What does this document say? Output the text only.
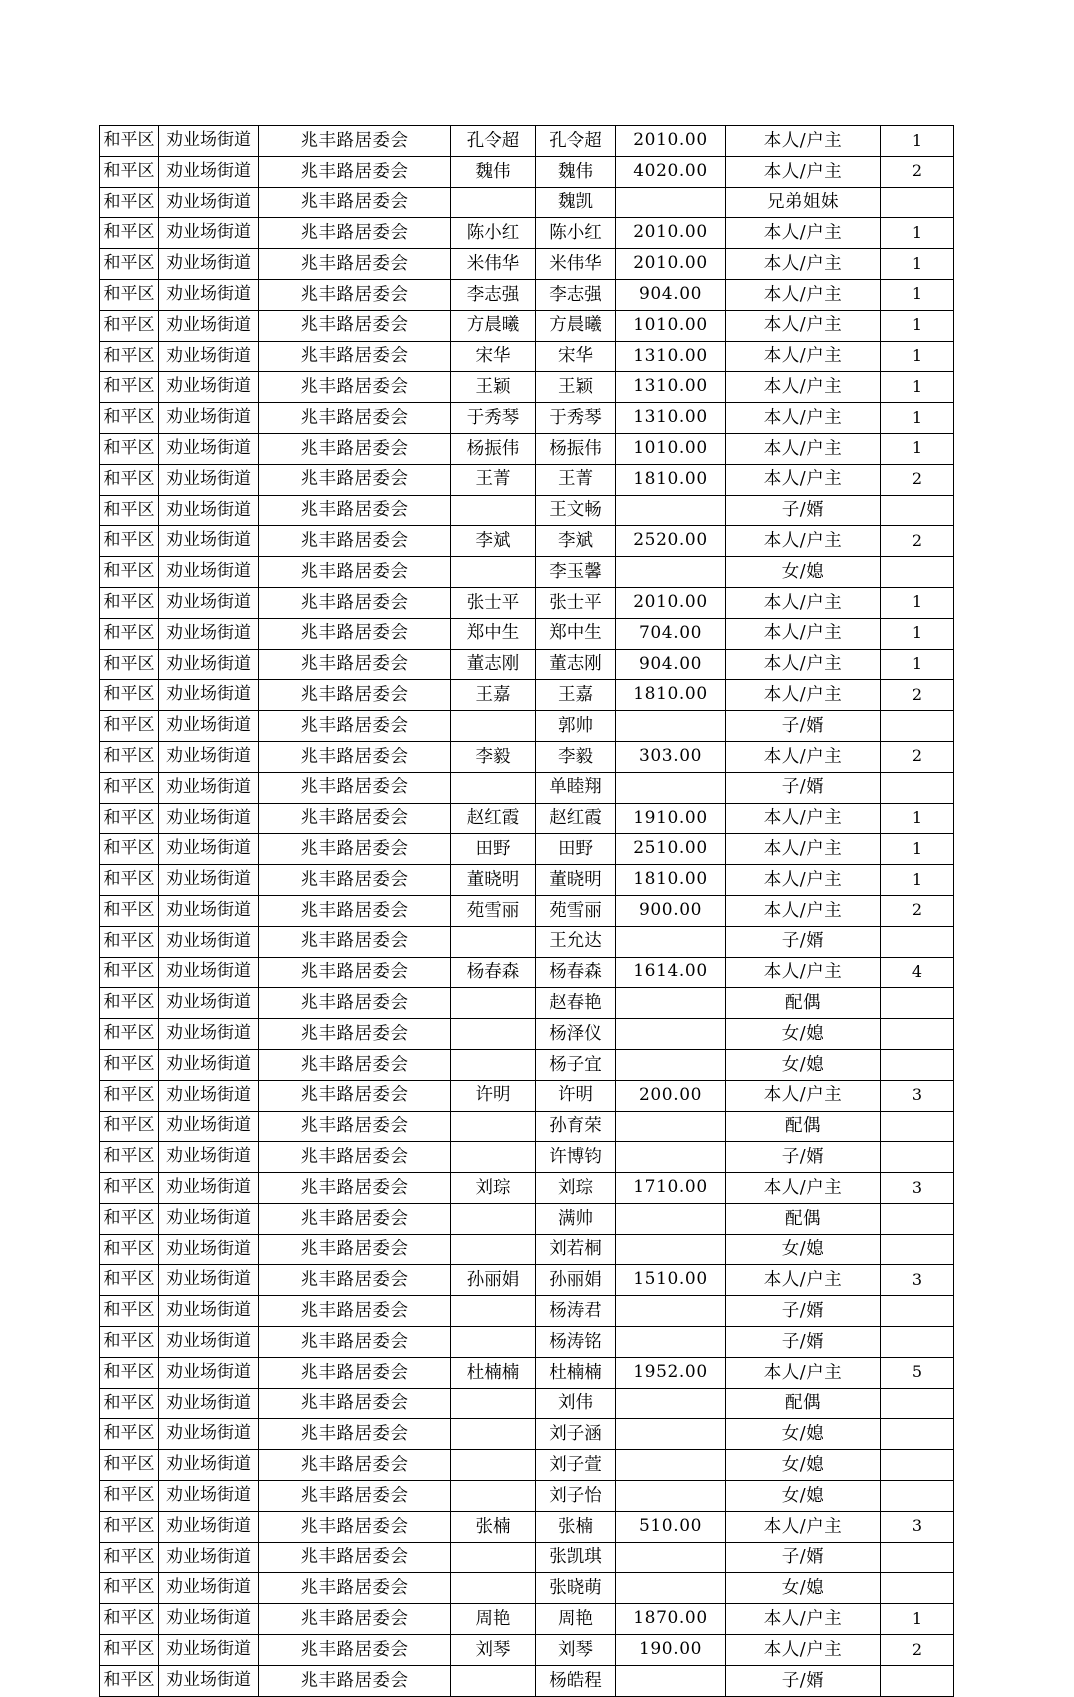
和平区	劝业场街道	兆丰路居委会	孔令超	孔令超	2010.00	本人/户主	1
和平区	劝业场街道	兆丰路居委会	魏伟	魏伟	4020.00	本人/户主	2
和平区	劝业场街道	兆丰路居委会		魏凯		兄弟姐妹	
和平区	劝业场街道	兆丰路居委会	陈小红	陈小红	2010.00	本人/户主	1
和平区	劝业场街道	兆丰路居委会	米伟华	米伟华	2010.00	本人/户主	1
和平区	劝业场街道	兆丰路居委会	李志强	李志强	904.00	本人/户主	1
和平区	劝业场街道	兆丰路居委会	方晨曦	方晨曦	1010.00	本人/户主	1
和平区	劝业场街道	兆丰路居委会	宋华	宋华	1310.00	本人/户主	1
和平区	劝业场街道	兆丰路居委会	王颖	王颖	1310.00	本人/户主	1
和平区	劝业场街道	兆丰路居委会	于秀琴	于秀琴	1310.00	本人/户主	1
和平区	劝业场街道	兆丰路居委会	杨振伟	杨振伟	1010.00	本人/户主	1
和平区	劝业场街道	兆丰路居委会	王菁	王菁	1810.00	本人/户主	2
和平区	劝业场街道	兆丰路居委会		王文畅		子/婿	
和平区	劝业场街道	兆丰路居委会	李斌	李斌	2520.00	本人/户主	2
和平区	劝业场街道	兆丰路居委会		李玉馨		女/媳	
和平区	劝业场街道	兆丰路居委会	张士平	张士平	2010.00	本人/户主	1
和平区	劝业场街道	兆丰路居委会	郑中生	郑中生	704.00	本人/户主	1
和平区	劝业场街道	兆丰路居委会	董志刚	董志刚	904.00	本人/户主	1
和平区	劝业场街道	兆丰路居委会	王嘉	王嘉	1810.00	本人/户主	2
和平区	劝业场街道	兆丰路居委会		郭帅		子/婿	
和平区	劝业场街道	兆丰路居委会	李毅	李毅	303.00	本人/户主	2
和平区	劝业场街道	兆丰路居委会		单睦翔		子/婿	
和平区	劝业场街道	兆丰路居委会	赵红霞	赵红霞	1910.00	本人/户主	1
和平区	劝业场街道	兆丰路居委会	田野	田野	2510.00	本人/户主	1
和平区	劝业场街道	兆丰路居委会	董晓明	董晓明	1810.00	本人/户主	1
和平区	劝业场街道	兆丰路居委会	苑雪丽	苑雪丽	900.00	本人/户主	2
和平区	劝业场街道	兆丰路居委会		王允达		子/婿	
和平区	劝业场街道	兆丰路居委会	杨春森	杨春森	1614.00	本人/户主	4
和平区	劝业场街道	兆丰路居委会		赵春艳		配偶	
和平区	劝业场街道	兆丰路居委会		杨泽仪		女/媳	
和平区	劝业场街道	兆丰路居委会		杨子宜		女/媳	
和平区	劝业场街道	兆丰路居委会	许明	许明	200.00	本人/户主	3
和平区	劝业场街道	兆丰路居委会		孙育荣		配偶	
和平区	劝业场街道	兆丰路居委会		许博钧		子/婿	
和平区	劝业场街道	兆丰路居委会	刘琮	刘琮	1710.00	本人/户主	3
和平区	劝业场街道	兆丰路居委会		满帅		配偶	
和平区	劝业场街道	兆丰路居委会		刘若桐		女/媳	
和平区	劝业场街道	兆丰路居委会	孙丽娟	孙丽娟	1510.00	本人/户主	3
和平区	劝业场街道	兆丰路居委会		杨涛君		子/婿	
和平区	劝业场街道	兆丰路居委会		杨涛铭		子/婿	
和平区	劝业场街道	兆丰路居委会	杜楠楠	杜楠楠	1952.00	本人/户主	5
和平区	劝业场街道	兆丰路居委会		刘伟		配偶	
和平区	劝业场街道	兆丰路居委会		刘子涵		女/媳	
和平区	劝业场街道	兆丰路居委会		刘子萱		女/媳	
和平区	劝业场街道	兆丰路居委会		刘子怡		女/媳	
和平区	劝业场街道	兆丰路居委会	张楠	张楠	510.00	本人/户主	3
和平区	劝业场街道	兆丰路居委会		张凯琪		子/婿	
和平区	劝业场街道	兆丰路居委会		张晓萌		女/媳	
和平区	劝业场街道	兆丰路居委会	周艳	周艳	1870.00	本人/户主	1
和平区	劝业场街道	兆丰路居委会	刘琴	刘琴	190.00	本人/户主	2
和平区	劝业场街道	兆丰路居委会		杨皓程		子/婿	
